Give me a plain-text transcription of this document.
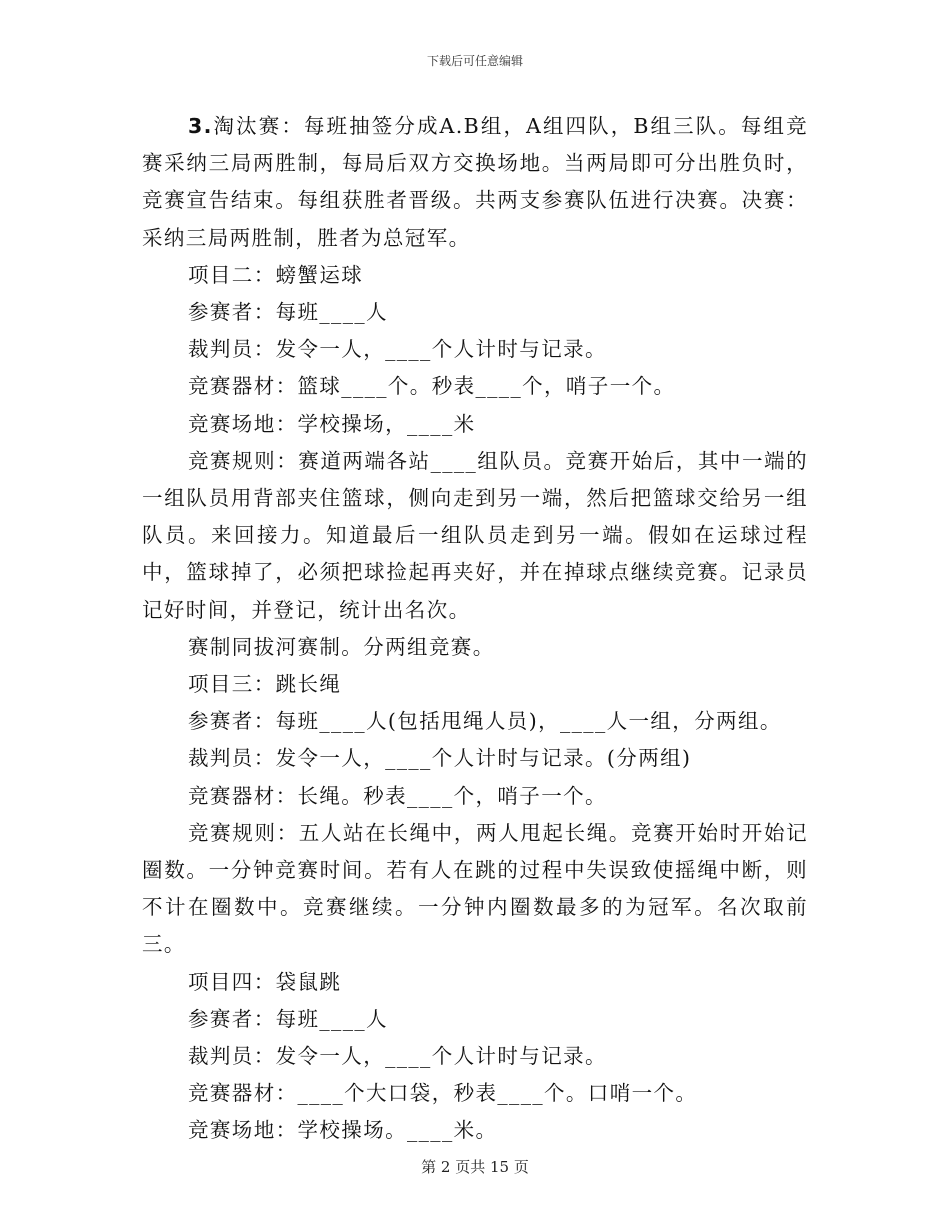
下载后可任意编辑

3.淘汰赛：每班抽签分成A.B组，A组四队，B组三队。每组竞赛采纳三局两胜制，每局后双方交换场地。当两局即可分出胜负时，竞赛宣告结束。每组获胜者晋级。共两支参赛队伍进行决赛。决赛：采纳三局两胜制，胜者为总冠军。

项目二：螃蟹运球

参赛者：每班____人

裁判员：发令一人，____个人计时与记录。

竞赛器材：篮球____个。秒表____个，哨子一个。

竞赛场地：学校操场，____米

竞赛规则：赛道两端各站____组队员。竞赛开始后，其中一端的一组队员用背部夹住篮球，侧向走到另一端，然后把篮球交给另一组队员。来回接力。知道最后一组队员走到另一端。假如在运球过程中，篮球掉了，必须把球捡起再夹好，并在掉球点继续竞赛。记录员记好时间，并登记，统计出名次。

赛制同拔河赛制。分两组竞赛。

项目三：跳长绳

参赛者：每班____人(包括甩绳人员)，____人一组，分两组。

裁判员：发令一人，____个人计时与记录。(分两组)

竞赛器材：长绳。秒表____个，哨子一个。

竞赛规则：五人站在长绳中，两人甩起长绳。竞赛开始时开始记圈数。一分钟竞赛时间。若有人在跳的过程中失误致使摇绳中断，则不计在圈数中。竞赛继续。一分钟内圈数最多的为冠军。名次取前三。

项目四：袋鼠跳

参赛者：每班____人

裁判员：发令一人，____个人计时与记录。

竞赛器材：____个大口袋，秒表____个。口哨一个。

竞赛场地：学校操场。____米。

第 2 页共 15 页
